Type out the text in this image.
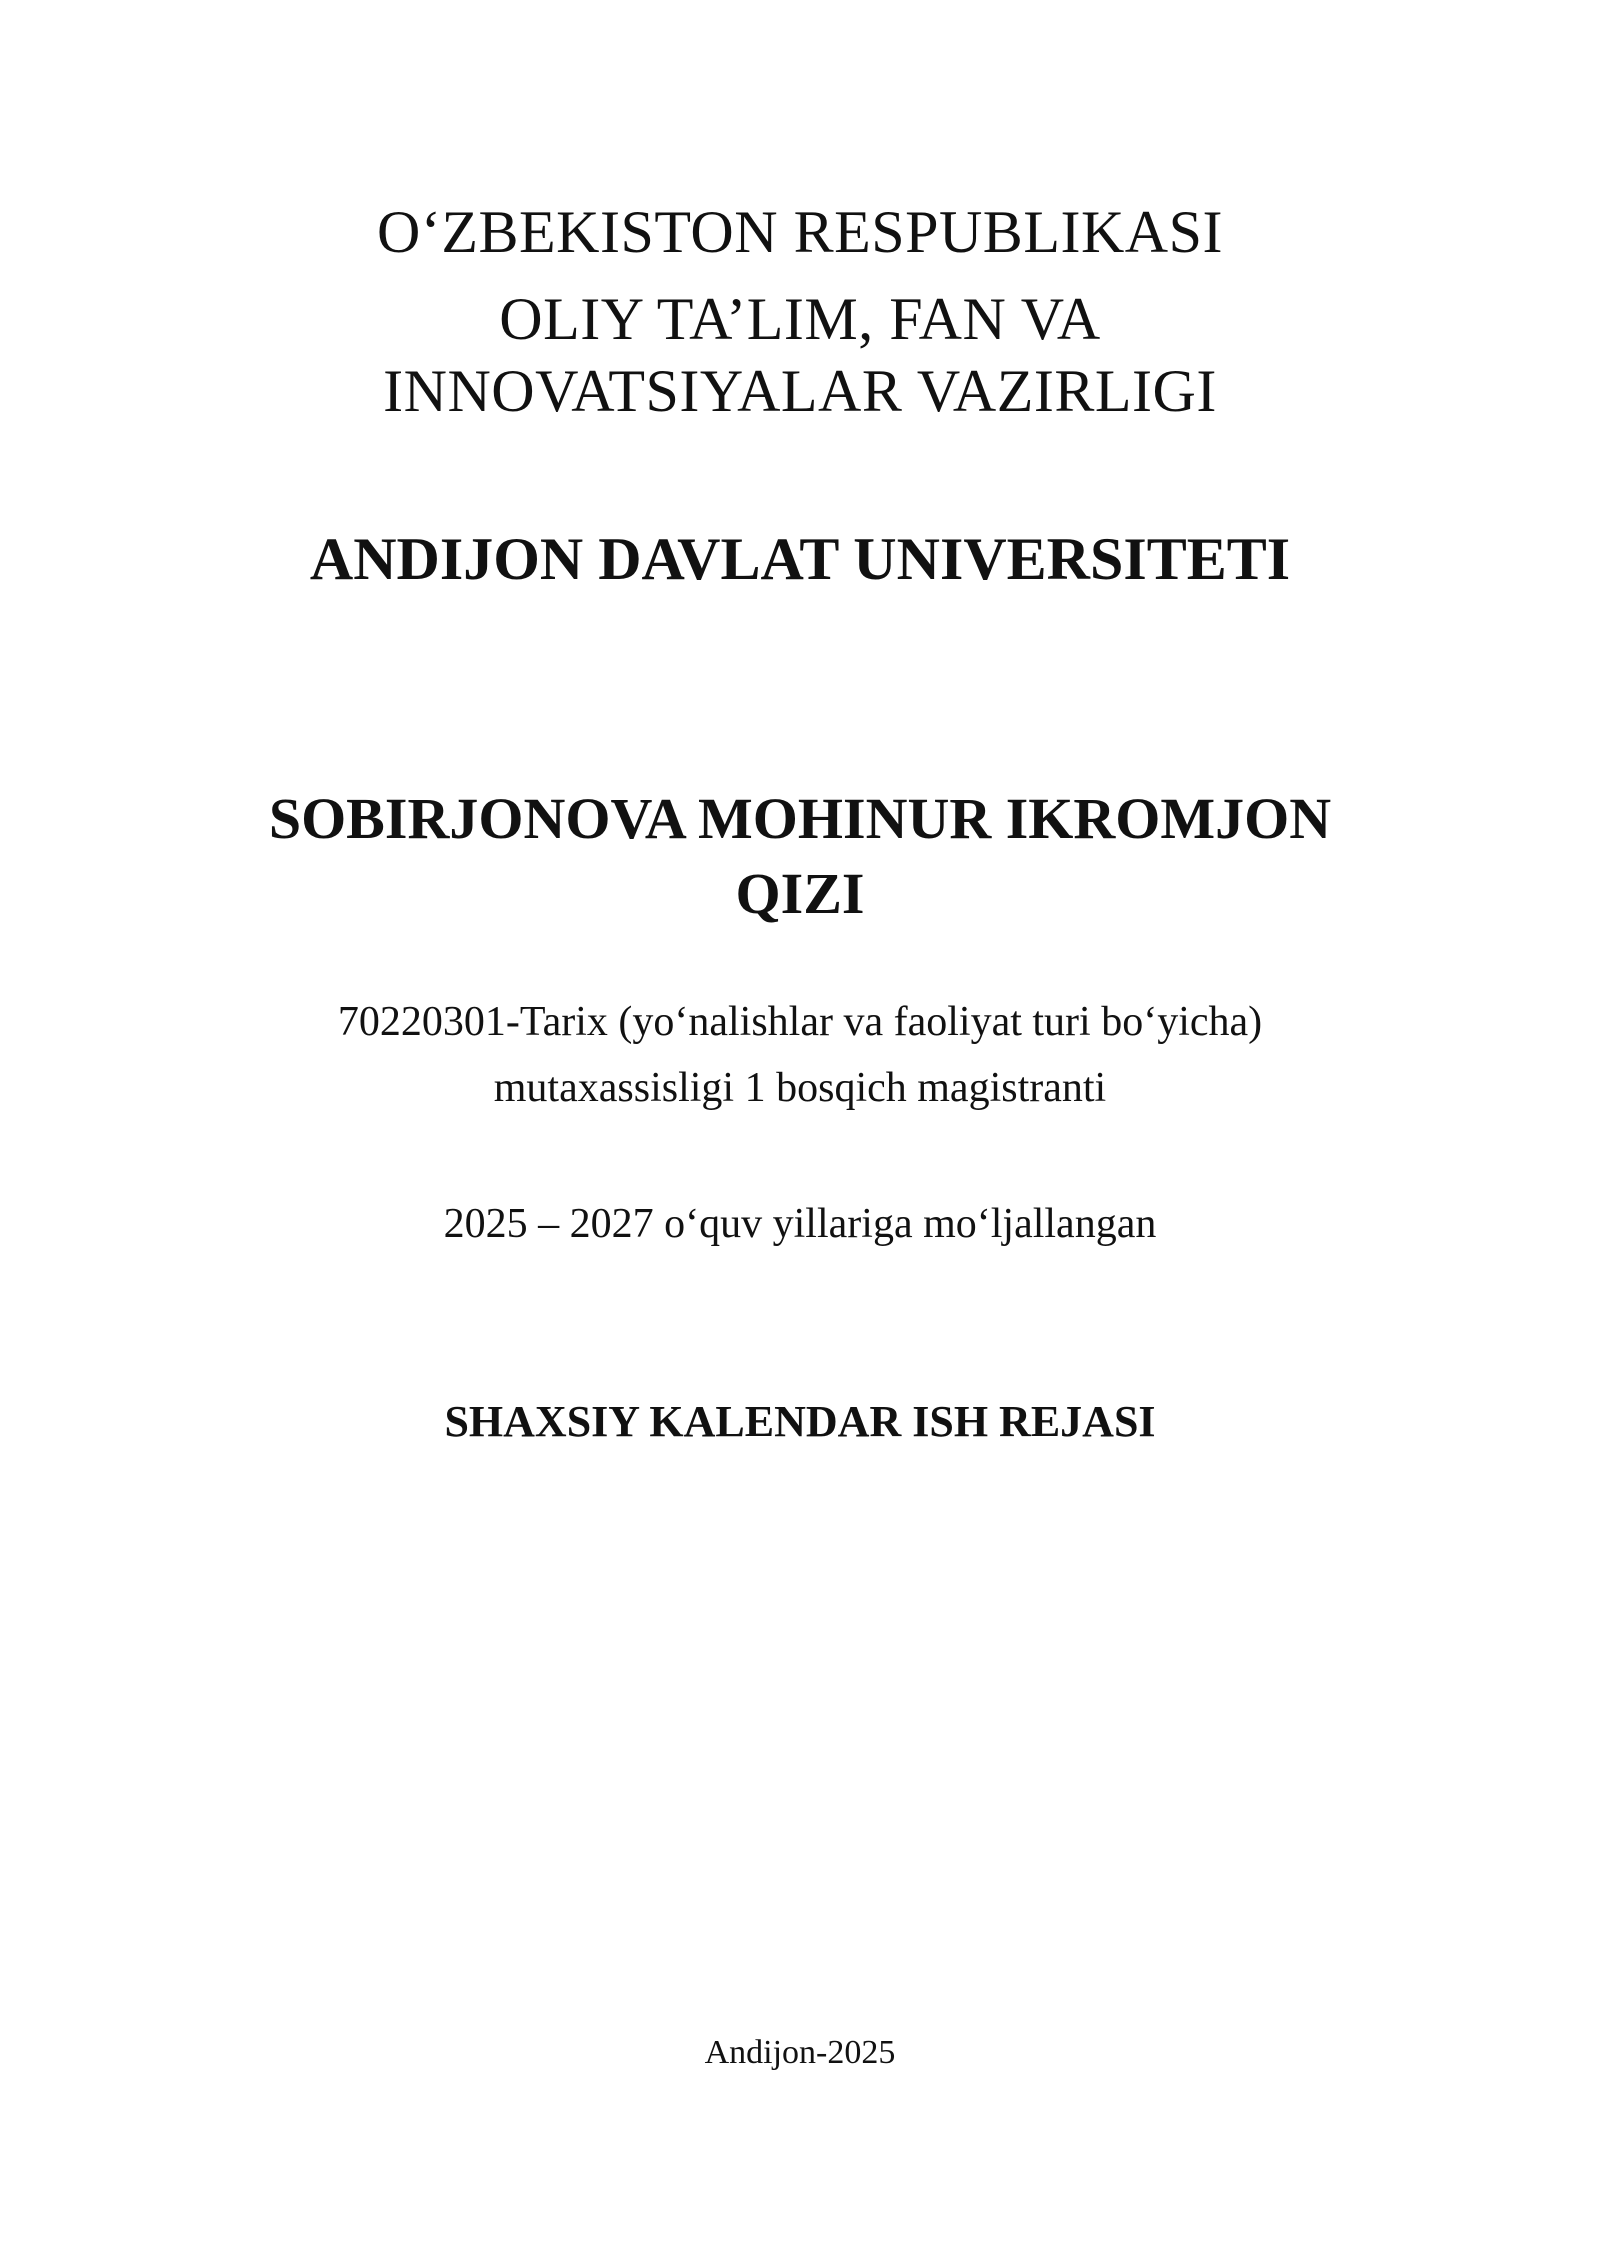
O‘ZBEKISTON RESPUBLIKASI
OLIY TA’LIM, FAN VA
INNOVATSIYALAR VAZIRLIGI
ANDIJON DAVLAT UNIVERSITETI
SOBIRJONOVA MOHINUR IKROMJON
QIZI
70220301-Tarix (yo‘nalishlar va faoliyat turi bo‘yicha)
mutaxassisligi 1 bosqich magistranti
2025 – 2027 o‘quv yillariga mo‘ljallangan
SHAXSIY KALENDAR ISH REJASI
Andijon-2025
